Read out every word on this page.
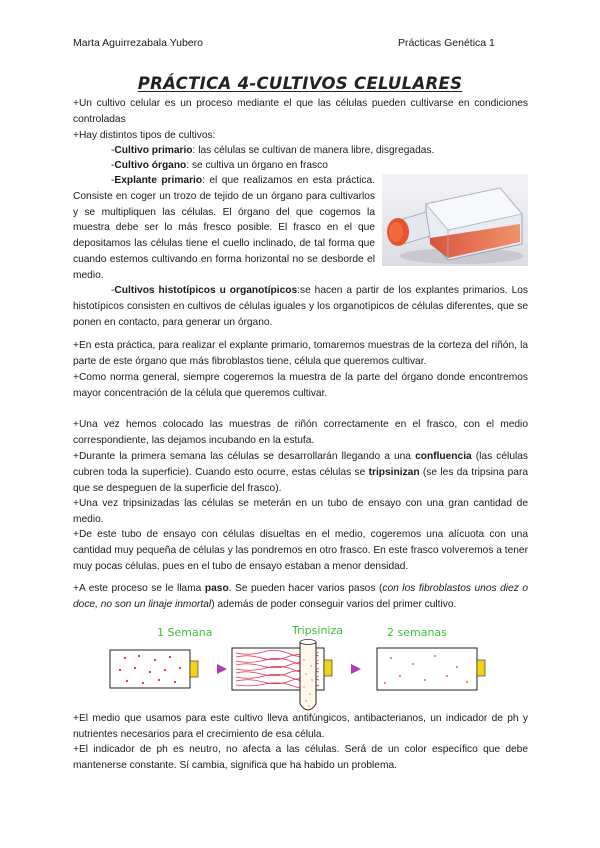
Marta Aguirrezabala Yubero	Prácticas Genética 1
PRÁCTICA 4-CULTIVOS CELULARES

+Un cultivo celular es un proceso mediante el que las células pueden cultivarse en condiciones controladas

+Hay distintos tipos de cultivos:

-Cultivo primario: las células se cultivan de manera libre, disgregadas.

-Cultivo órgano: se cultiva un órgano en frasco

-Explante primario: el que realizamos en esta práctica. Consiste en coger un trozo de tejido de un órgano para cultivarlos y se multipliquen las células. El órgano del que cogemos la muestra debe ser lo más fresco posible. El frasco en el que depositamos las células tiene el cuello inclinado, de tal forma que cuando estemos cultivando en forma horizontal no se desborde el medio.

-Cultivos histotípicos u organotípicos:se hacen a partir de los explantes primarios. Los histotípicos consisten en cultivos de células iguales y los organotípicos de células diferentes, que se ponen en contacto, para generar un órgano.

+En esta práctica, para realizar el explante primario, tomaremos muestras de la corteza del riñón, la parte de este órgano que más fibroblastos tiene, célula que queremos cultivar.

+Como norma general, siempre cogeremos la muestra de la parte del órgano donde encontremos mayor concentración de la célula que queremos cultivar.

+Una vez hemos colocado las muestras de riñón correctamente en el frasco, con el medio correspondiente, las dejamos incubando en la estufa.

+Durante la primera semana las células se desarrollarán llegando a una confluencia (las células cubren toda la superficie). Cuando esto ocurre, estas células se tripsinizan (se les da tripsina para que se despeguen de la superficie del frasco).

+Una vez tripsinizadas las células se meterán en un tubo de ensayo con una gran cantidad de medio.

+De este tubo de ensayo con células disueltas en el medio, cogeremos una alícuota con una cantidad muy pequeña de células y las pondremos en otro frasco. En este frasco volveremos a tener muy pocas células, pues en el tubo de ensayo estaban a menor densidad.

+A este proceso se le llama paso. Se pueden hacer varios pasos (con los fibroblastos unos diez o doce, no son un linaje inmortal) además de poder conseguir varios del primer cultivo.

1 Semana	Tripsiniza	2 semanas

+El medio que usamos para este cultivo lleva antifúngicos, antibacterianos, un indicador de ph y nutrientes necesarios para el crecimiento de esa célula.

+El indicador de ph es neutro, no afecta a las células. Será de un color específico que debe mantenerse constante. Sí cambia, significa que ha habido un problema.
